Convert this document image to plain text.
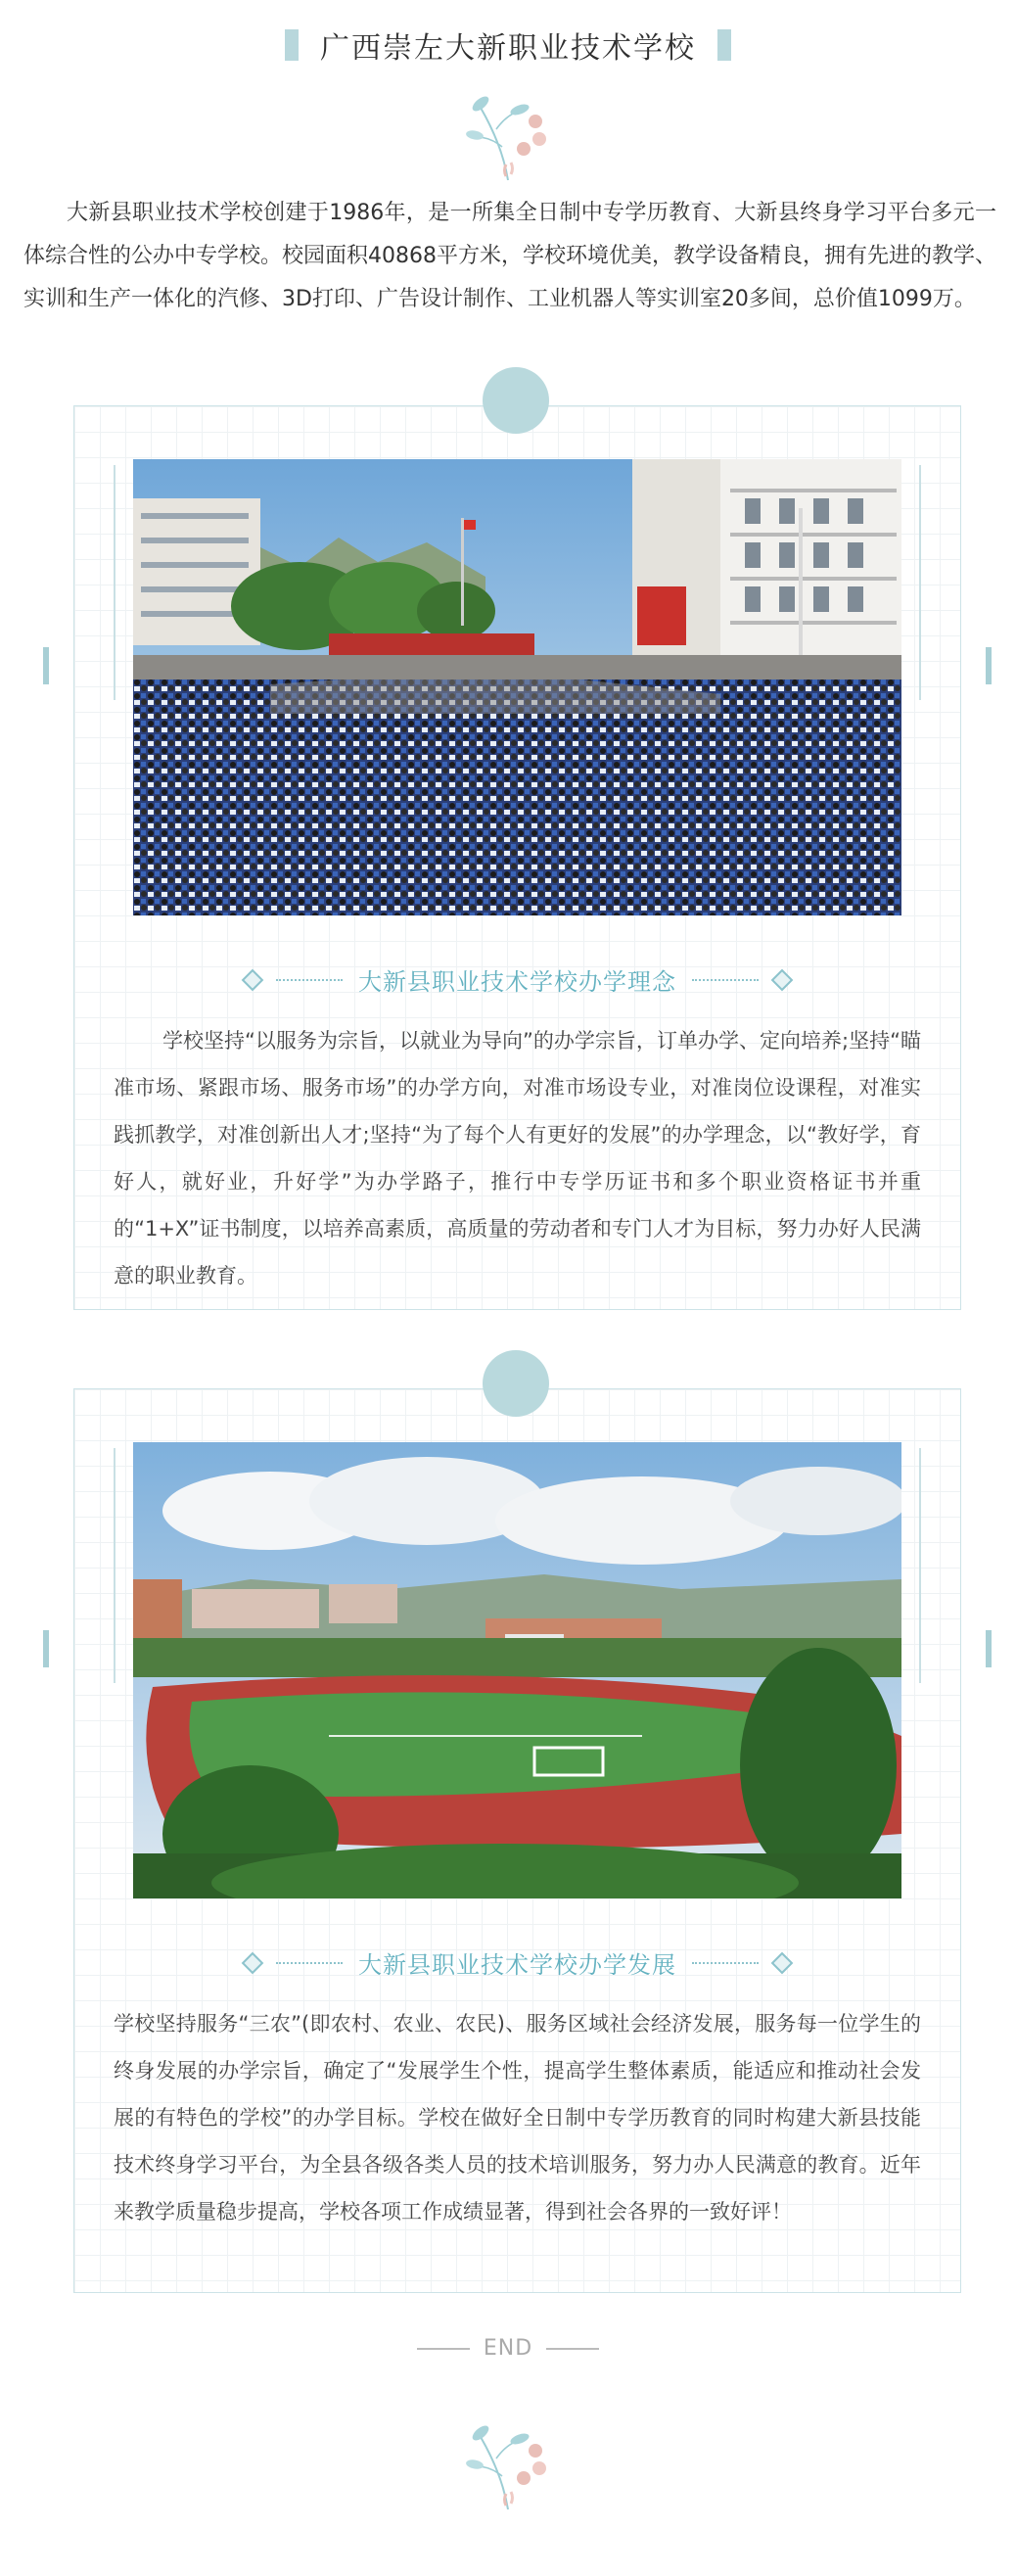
广西崇左大新职业技术学校

大新县职业技术学校创建于1986年，是一所集全日制中专学历教育、大新县终身学习平台多元一体综合性的公办中专学校。校园面积40868平方米，学校环境优美，教学设备精良，拥有先进的教学、实训和生产一体化的汽修、3D打印、广告设计制作、工业机器人等实训室20多间，总价值1099万。

大新县职业技术学校办学理念

学校坚持“以服务为宗旨，以就业为导向”的办学宗旨，订单办学、定向培养;坚持“瞄准市场、紧跟市场、服务市场”的办学方向，对准市场设专业，对准岗位设课程，对准实践抓教学，对准创新出人才;坚持“为了每个人有更好的发展”的办学理念，以“教好学，育好人，就好业，升好学”为办学路子，推行中专学历证书和多个职业资格证书并重的“1+X”证书制度，以培养高素质，高质量的劳动者和专门人才为目标，努力办好人民满意的职业教育。

大新县职业技术学校办学发展

学校坚持服务“三农”(即农村、农业、农民)、服务区域社会经济发展，服务每一位学生的终身发展的办学宗旨，确定了“发展学生个性，提高学生整体素质，能适应和推动社会发展的有特色的学校”的办学目标。学校在做好全日制中专学历教育的同时构建大新县技能技术终身学习平台，为全县各级各类人员的技术培训服务，努力办人民满意的教育。近年来教学质量稳步提高，学校各项工作成绩显著，得到社会各界的一致好评！

END
